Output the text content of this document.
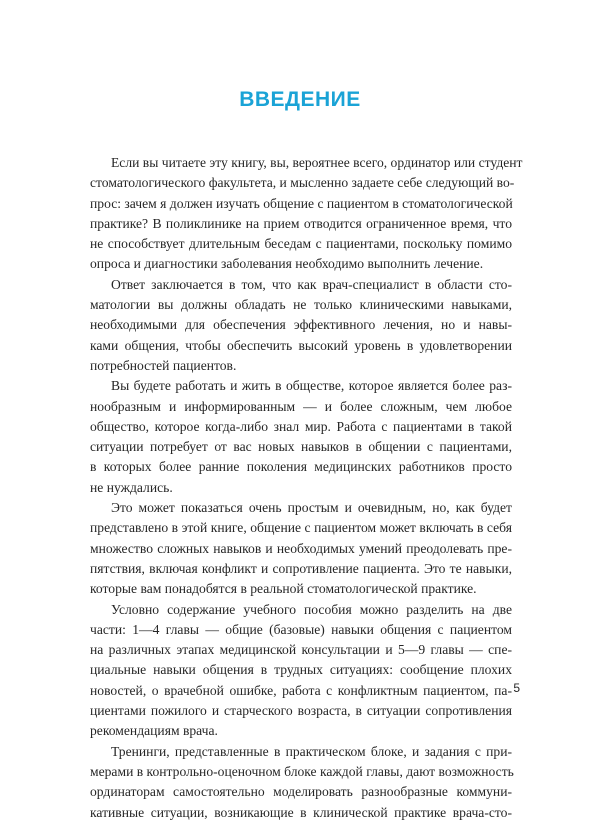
ВВЕДЕНИЕ

Если вы читаете эту книгу, вы, вероятнее всего, ординатор или студент
стоматологического факультета, и мысленно задаете себе следующий во-
прос: зачем я должен изучать общение с пациентом в стоматологической
практике? В поликлинике на прием отводится ограниченное время, что
не способствует длительным беседам с пациентами, поскольку помимо
опроса и диагностики заболевания необходимо выполнить лечение.

Ответ заключается в том, что как врач-специалист в области сто-
матологии вы должны обладать не только клиническими навыками,
необходимыми для обеспечения эффективного лечения, но и навы-
ками общения, чтобы обеспечить высокий уровень в удовлетворении
потребностей пациентов.

Вы будете работать и жить в обществе, которое является более раз-
нообразным и информированным — и более сложным, чем любое
общество, которое когда-либо знал мир. Работа с пациентами в такой
ситуации потребует от вас новых навыков в общении с пациентами,
в которых более ранние поколения медицинских работников просто
не нуждались.

Это может показаться очень простым и очевидным, но, как будет
представлено в этой книге, общение с пациентом может включать в себя
множество сложных навыков и необходимых умений преодолевать пре-
пятствия, включая конфликт и сопротивление пациента. Это те навыки,
которые вам понадобятся в реальной стоматологической практике.

Условно содержание учебного пособия можно разделить на две
части: 1—4 главы — общие (базовые) навыки общения с пациентом
на различных этапах медицинской консультации и 5—9 главы — спе-
циальные навыки общения в трудных ситуациях: сообщение плохих
новостей, о врачебной ошибке, работа с конфликтным пациентом, па-
циентами пожилого и старческого возраста, в ситуации сопротивления
рекомендациям врача.

Тренинги, представленные в практическом блоке, и задания с при-
мерами в контрольно-оценочном блоке каждой главы, дают возможность
ординаторам самостоятельно моделировать разнообразные коммуни-
кативные ситуации, возникающие в клинической практике врача-сто-

5
